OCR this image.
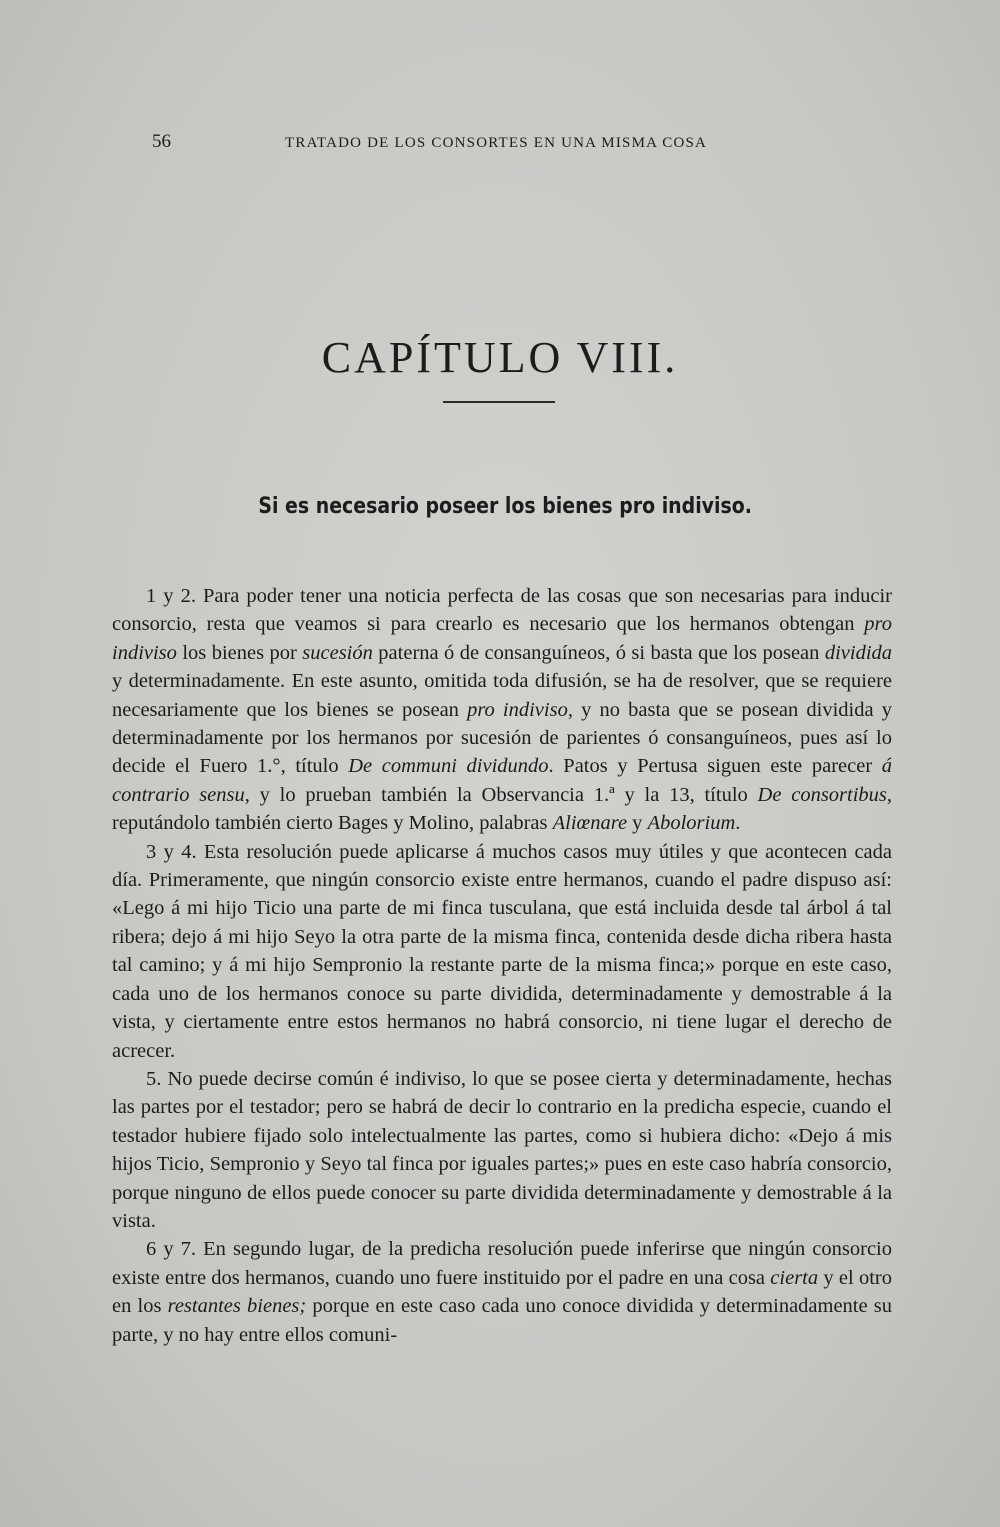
56	TRATADO DE LOS CONSORTES EN UNA MISMA COSA
CAPÍTULO VIII.
Si es necesario poseer los bienes pro indiviso.

1 y 2. Para poder tener una noticia perfecta de las cosas que son necesarias para inducir consorcio, resta que veamos si para crearlo es necesario que los hermanos obtengan pro indiviso los bienes por sucesión paterna ó de consanguíneos, ó si basta que los posean dividida y determinadamente. En este asunto, omitida toda difusión, se ha de resolver, que se requiere necesariamente que los bienes se posean pro indiviso, y no basta que se posean dividida y determinadamente por los hermanos por sucesión de parientes ó consanguíneos, pues así lo decide el Fuero 1.°, título De communi dividundo. Patos y Pertusa siguen este parecer á contrario sensu, y lo prueban también la Observancia 1.ª y la 13, título De consortibus, reputándolo también cierto Bages y Molino, palabras Aliœnare y Abolorium.

3 y 4. Esta resolución puede aplicarse á muchos casos muy útiles y que acontecen cada día. Primeramente, que ningún consorcio existe entre hermanos, cuando el padre dispuso así: «Lego á mi hijo Ticio una parte de mi finca tusculana, que está incluida desde tal árbol á tal ribera; dejo á mi hijo Seyo la otra parte de la misma finca, contenida desde dicha ribera hasta tal camino; y á mi hijo Sempronio la restante parte de la misma finca;» porque en este caso, cada uno de los hermanos conoce su parte dividida, determinadamente y demostrable á la vista, y ciertamente entre estos hermanos no habrá consorcio, ni tiene lugar el derecho de acrecer.

5. No puede decirse común é indiviso, lo que se posee cierta y determinadamente, hechas las partes por el testador; pero se habrá de decir lo contrario en la predicha especie, cuando el testador hubiere fijado solo intelectualmente las partes, como si hubiera dicho: «Dejo á mis hijos Ticio, Sempronio y Seyo tal finca por iguales partes;» pues en este caso habría consorcio, porque ninguno de ellos puede conocer su parte dividida determinadamente y demostrable á la vista.

6 y 7. En segundo lugar, de la predicha resolución puede inferirse que ningún consorcio existe entre dos hermanos, cuando uno fuere instituido por el padre en una cosa cierta y el otro en los restantes bienes; porque en este caso cada uno conoce dividida y determinadamente su parte, y no hay entre ellos comuni-
